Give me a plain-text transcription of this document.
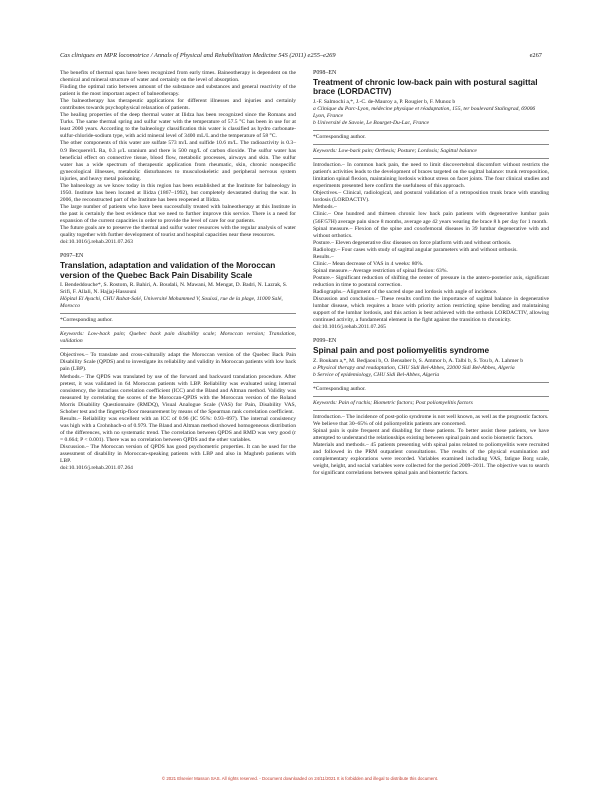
Cas cliniques en MPR locomotrice / Annals of Physical and Rehabilitation Medicine 54S (2011) e255–e269	e267

The benefits of thermal spas have been recognized from early times. Baineotherapy is dependent on the chemical and mineral structure of water and certainly on the level of absorption.

Finding the optimal ratio between amount of the substance and substances and general reactivity of the patient is the most important aspect of balneotherapy.

The balneotherapy has therapeutic applications for different illnesses and injuries and certainly contributes towards psychophysical relaxation of patients.

The healing properties of the deep thermal water at Ilidza has been recognized since the Romans and Turks. The same thermal spring and sulfur water with the temperature of 57.5 °C has been in use for at least 2000 years. According to the balneology classification this water is classified as hydro carbonate-sulfur-chloride-sodium type, with acid mineral level of 3400 mL/L and the temperature of 58 °C.

The other components of this water are sulfate 573 m/L and sulfide 10.6 m/L. The radioactivity is 0.3–0.9 Becquerel/L Ra, 0.3 μ/L uranium and there is 500 mg/L of carbon dioxide. The sulfur water has beneficial effect on connective tissue, blood flow, metabolic processes, airways and skin. The sulfur water has a wide spectrum of therapeutic application from rheumatic, skin, chronic nonspecific gynecological illnesses, metabolic disturbances to musculoskeletic and peripheral nervous system injuries, and heavy metal poisoning.

The balneology as we know today in this region has been established at the Institute for balneology in 1950. Institute has been located at Ilidza (1867–1992), but completely devastated during the war. In 2006, the reconstructed part of the Institute has been reopened at Ilidza.

The large number of patients who have been successfully treated with balneotherapy at this Institute in the past is certainly the best evidence that we need to further improve this service. There is a need for expansion of the current capacities in order to provide the level of care for our patients.

The future goals are to preserve the thermal and sulfur water resources with the regular analysis of water quality together with further development of tourist and hospital capacities near these resources.

doi:10.1016/j.rehab.2011.07.263

P097–EN

Translation, adaptation and validation of the Moroccan version of the Quebec Back Pain Disability Scale

I. Bendeddouche*, S. Rostom, R. Bahiri, A. Boudali, N. Mawani, M. Mengat, D. Badri, N. Lazrak, S. Srifi, F. Allali, N. Hajjaj-Hassouni

Hôpital El Ayachi, CHU Rabat-Salé, Université Mohammed V, Souissi, rue de la plage, 11000 Salé, Morocco

*Corresponding author.

Keywords: Low-back pain; Quebec back pain disability scale; Moroccan version; Translation, validation

Objectives.– To translate and cross-culturally adapt the Moroccan version of the Quebec Back Pain Disability Scale (QPDS) and to investigate its reliability and validity in Moroccan patients with low back pain (LBP).

Methods.– The QPDS was translated by use of the forward and backward translation procedure. After pretest, it was validated in 64 Moroccan patients with LBP. Reliability was evaluated using internal consistency, the intraclass correlation coefficient (ICC) and the Bland and Altman method. Validity was measured by correlating the scores of the Moroccan-QPDS with the Moroccan version of the Roland Morris Disability Questionnaire (RMDQ), Visual Analogue Scale (VAS) for Pain, Disability VAS, Schober test and the fingertip-floor measurement by means of the Spearman rank correlation coefficient.

Results.– Reliability was excellent with an ICC of 0.96 (IC 95%: 0.93–097). The internal consistency was high with a Crohnbach-α of 0.979. The Bland and Altman method showed homogeneous distribution of the differences, with no systematic trend. The correlation between QPDS and RMD was very good (r = 0.664; P < 0.001). There was no correlation between QPDS and the other variables.

Discussion.– The Moroccan version of QPDS has good psychometric properties. It can be used for the assessment of disability in Moroccan-speaking patients with LBP and also in Maghreb patients with LBP.

doi:10.1016/j.rehab.2011.07.264

P098–EN

Treatment of chronic low-back pain with postural sagittal brace (LORDACTIV)

J.-F. Salmochi a,*, J.-C. de-Mauroy a, P. Rougier b, F. Munoz b

a Clinique du Parc-Lyon, médecine physique et réadaptation, 155, ter boulevard Stalingrad, 69006 Lyon, France

b Université de Savoie, Le Bourget-Du-Lac, France

*Corresponding author.

Keywords: Low-back pain; Orthesis; Posture; Lordosis; Sagittal balance

Introduction.– In common back pain, the need to limit discovertebral discomfort without restricts the patient's activities leads to the development of braces targeted on the sagittal balance: trunk retroposition, limitation spinal flexion, maintaining lordosis without stress on facet joints. The four clinical studies and experiments presented here confirm the usefulness of this approach.

Objectives.– Clinical, radiological, and postural validation of a retroposition trunk brace with standing lordosis (LORDACTIV).

Methods.–

Clinic.– One hundred and thirteen chronic low back pain patients with degenerative lumbar pain (56F/57H) average pain since 8 months, average age 42 years wearing the brace 8 h per day for 1 month.

Spinal measure.– Flexion of the spine and coxofemoral diseases in 39 lumbar degenerative with and without orthotics.

Posture.– Eleven degenerative disc diseases on force platform with and without orthosis.

Radiology.– Four cases with study of sagittal angular parameters with and without orthosis.

Results.–

Clinic.– Mean decrease of VAS in 4 weeks: 80%.

Spinal measure.– Average restriction of spinal flexion: 63%.

Posture.– Significant reduction of shifting the center of pressure in the antero-posterior axis, significant reduction in time to postural correction.

Radiographs.– Alignment of the sacred slope and lordosis with angle of incidence.

Discussion and conclusion.– These results confirm the importance of sagittal balance in degenerative lumbar disease, which requires a brace with priority action restricting spine bending and maintaining support of the lumbar lordosis, and this action is best achieved with the orthosis LORDACTIV, allowing continued activity, a fundamental element in the fight against the transition to chronicity.

doi:10.1016/j.rehab.2011.07.265

P099–EN

Spinal pain and post poliomyelitis syndrome

Z. Boukam a,*, M. Bedjaoui b, O. Bensaber b, S. Ammor b, A. Talbi b, S. Tou b, A. Lahmer b

a Physical therapy and readaptation, CHU Sidi Bel-Abbes, 22000 Sidi Bel-Abbes, Algeria

b Service of epidemiology, CHU Sidi Bel-Abbes, Algeria

*Corresponding author.

Keywords: Pain of rachis; Biometric factors; Post poliomyelitis factors

Introduction.– The incidence of post-polio syndrome is not well known, as well as the prognostic factors.

We believe that 30–65% of old poliomyelitis patients are concerned.

Spinal pain is quite frequent and disabling for these patients. To better assist these patients, we have attempted to understand the relationships existing between spinal pain and socio biometric factors.

Materials and methods.– 45 patients presenting with spinal pains related to poliomyelitis were recruited and followed in the PRM outpatient consultations. The results of the physical examination and complementary explorations were recorded. Variables examined including VAS, fatigue Borg scale, weight, height, and social variables were collected for the period 2009–2011. The objective was to search for significant correlations between spinal pain and biometric factors.

© 2021 Elsevier Masson SAS. All rights reserved. - Document downloaded on 24/11/2021 It is forbidden and illegal to distribute this document.
